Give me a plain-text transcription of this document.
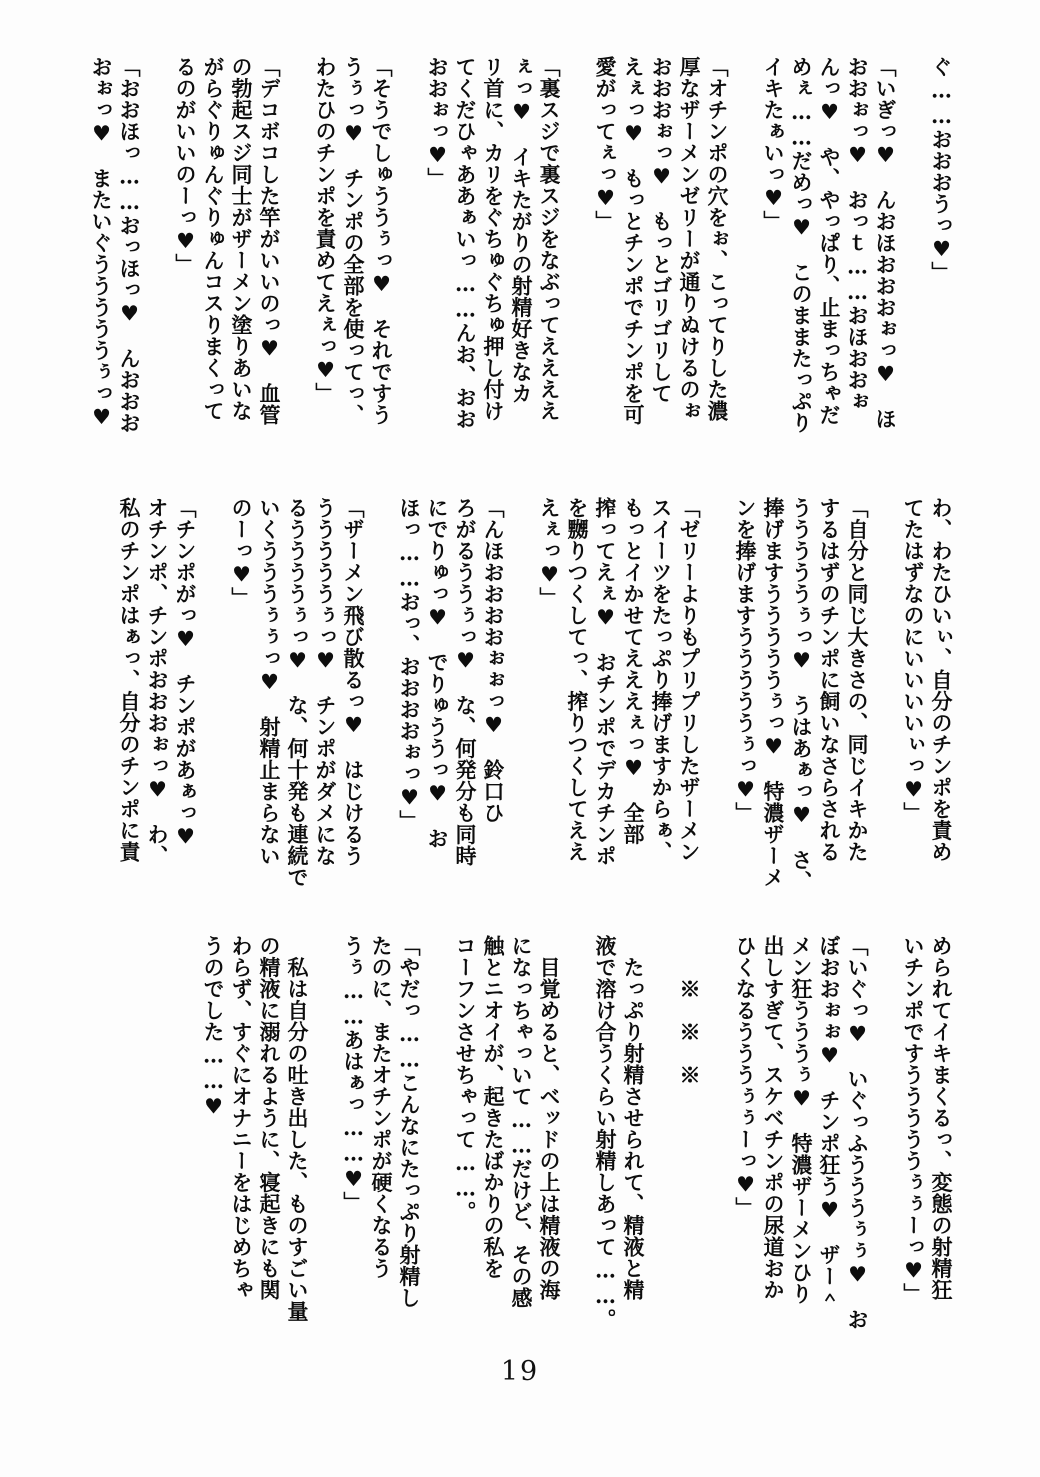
ぐ……おおおうっ♥」
「いぎっ♥　んおほおおおぉっ♥　ほ
おおぉっ♥　おっｔ……おほおおぉ
んっ♥　や、やっぱり、止まっちゃだ
めぇ……だめっ♥　このままたっぷり
イキたぁいっ♥」
「オチンポの穴をぉ、こってりした濃
厚なザーメンゼリーが通りぬけるのぉ
おおおぉっ♥　もっとゴリゴリして
えぇっ♥　もっとチンポでチンポを可
愛がってぇっ♥」
「裏スジで裏スジをなぶってええええ
ぇっ♥　イキたがりの射精好きなカ
リ首に、カリをぐちゅぐちゅ押し付け
てくだひゃああぁいっ……んお、おお
おおぉっ♥」
「そうでしゅううぅっ♥　それですう
うぅっ♥　チンポの全部を使ってっ、
わたひのチンポを責めてえぇっ♥」
「デコボコした竿がいいのっ♥　血管
の勃起スジ同士がザーメン塗りあいな
がらぐりゅんぐりゅんコスりまくって
るのがいいのーっ♥」
「おおほっ……おっほっ♥　んおおお
おぉっ♥　またいぐうううううぅっ♥
わ、わたひいぃ、自分のチンポを責め
てたはずなのにいいいいぃっ♥」
「自分と同じ大きさの、同じイキかた
するはずのチンポに飼いなさらされる
うううううぅっ♥　うはあぁっ♥　さ、
捧げますうううううぅっ♥　特濃ザーメ
ンを捧げますうううううぅっ♥」
「ゼリーよりもプリプリしたザーメン
スイーツをたっぷり捧げますからぁ、
もっとイかせてえええぇっ♥　全部
搾ってえぇ♥　おチンポでデカチンポ
を嬲りつくしてっ、搾りつくしてええ
えぇっ♥」
「んほおおおおぉぉっ♥　鈴口ひ
ろがるううぅっ♥　な、何発分も同時
にでりゅっ♥　でりゅううっ♥　お
ほっ……おっ、おおおおぉっ♥」
「ザーメン飛び散るっ♥　はじけるう
うううううぅっ♥　チンポがダメにな
るううううぅっ♥　な、何十発も連続で
いくうううぅぅっ♥　射精止まらない
のーっ♥」
「チンポがっ♥　チンポがあぁっ♥
オチンポ、チンポおおおぉっ♥　わ、
私のチンポはぁっ、自分のチンポに責
められてイキまくるっ、変態の射精狂
いチンポですうううううぅぅーっ♥」
「いぐっ♥　いぐっふうううぅぅ♥　お
ぼおおぉぉ♥　チンポ狂う♥　ザー＾
メン狂うううぅ♥　特濃ザーメンひり
出しすぎて、スケベチンポの尿道おか
ひくなるうううぅぅーっ♥」
　　※　※　※
　たっぷり射精させられて、精液と精
液で溶け合うくらい射精しあって……。
　目覚めると、ベッドの上は精液の海
になっちゃっいて……だけど、その感
触とニオイが、起きたばかりの私を
コーフンさせちゃって……。
「やだっ……こんなにたっぷり射精し
たのに、またオチンポが硬くなるう
うぅ……あはぁっ……♥」
　私は自分の吐き出した、ものすごい量
の精液に溺れるように、寝起きにも関
わらず、すぐにオナニーをはじめちゃ
うのでした……♥
19
